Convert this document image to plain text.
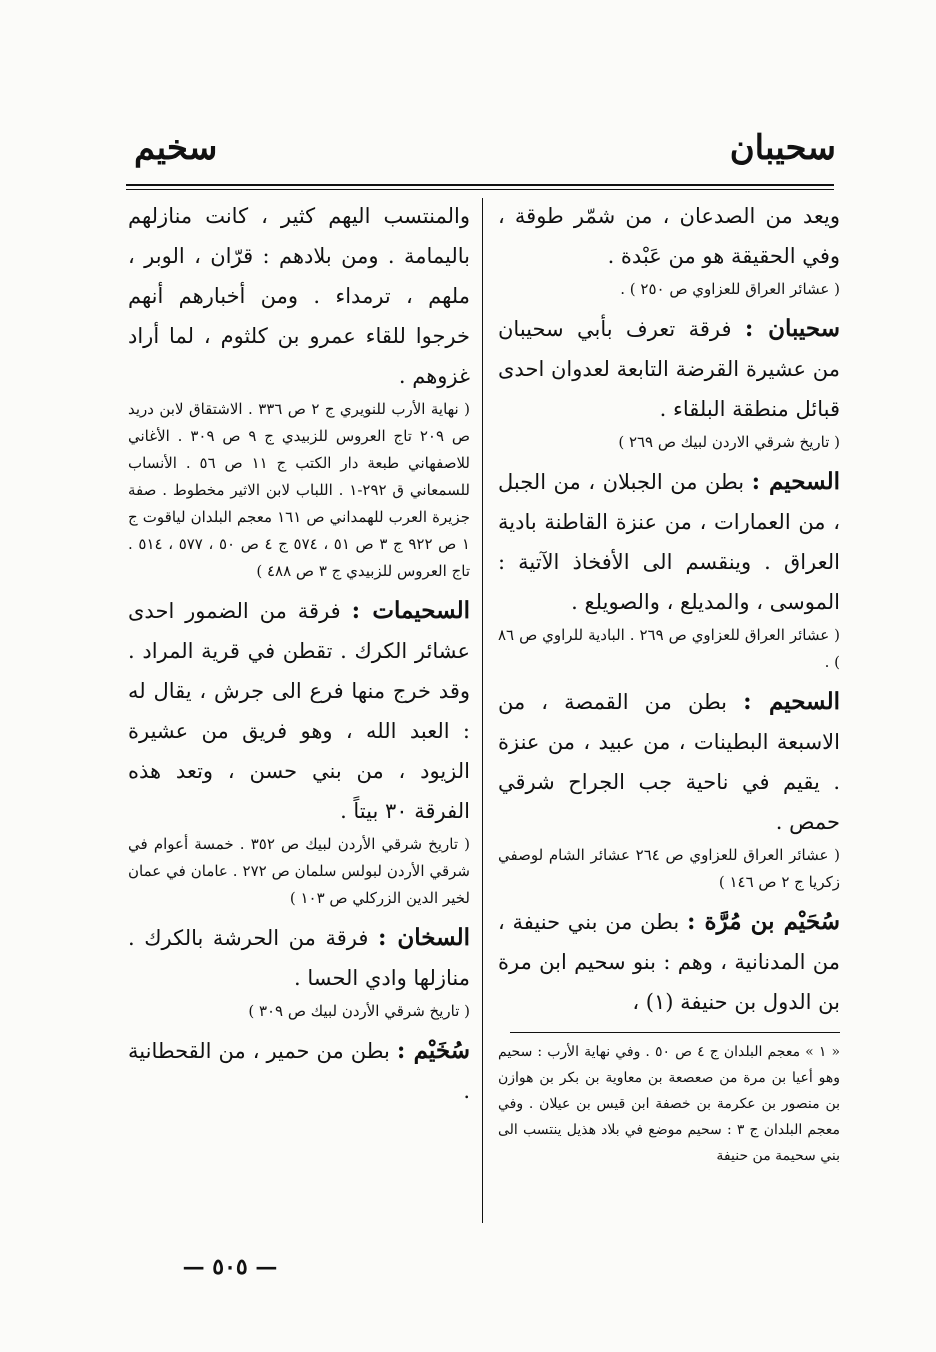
سحيبان
سخيم

ويعد من الصدعان ، من شمّر طوقة ، وفي الحقيقة هو من عَبْدة .

( عشائر العراق للعزاوي ص ٢٥٠ ) .

سحيبان : فرقة تعرف بأبي سحيبان من عشيرة القرضة التابعة لعدوان احدى قبائل منطقة البلقاء .

( تاريخ شرقي الاردن لبيك ص ٢٦٩ )

السحيم : بطن من الجبلان ، من الجبل ، من العمارات ، من عنزة القاطنة بادية العراق . وينقسم الى الأفخاذ الآتية : الموسى ، والمديلع ، والصويلع .

( عشائر العراق للعزاوي ص ٢٦٩ . البادية للراوي ص ٨٦ ) .

السحيم : بطن من القمصة ، من الاسبعة البطينات ، من عبيد ، من عنزة . يقيم في ناحية جب الجراح شرقي حمص .

( عشائر العراق للعزاوي ص ٢٦٤ عشائر الشام لوصفي زكريا ج ٢ ص ١٤٦ )

سُحَيْم بن مُرَّة : بطن من بني حنيفة ، من المدنانية ، وهم : بنو سحيم ابن مرة بن الدول بن حنيفة (١) ،

« ١ » معجم البلدان ج ٤ ص ٥٠ . وفي نهاية الأرب : سحيم وهو أعيا بن مرة من صعصعة بن معاوية بن بكر بن هوازن بن منصور بن عكرمة بن خصفة ابن قيس بن عيلان . وفي معجم البلدان ج ٣ : سحيم موضع في بلاد هذيل ينتسب الى بني سحيمة من حنيفة

والمنتسب اليهم كثير ، كانت منازلهم باليمامة . ومن بلادهم : قرّان ، الوبر ، ملهم ، ترمداء . ومن أخبارهم أنهم خرجوا للقاء عمرو بن كلثوم ، لما أراد غزوهم .

( نهاية الأرب للنويري ج ٢ ص ٣٣٦ . الاشتقاق لابن دريد ص ٢٠٩ تاج العروس للزبيدي ج ٩ ص ٣٠٩ . الأغاني للاصفهاني طبعة دار الكتب ج ١١ ص ٥٦ . الأنساب للسمعاني ق ٢٩٢-١ . اللباب لابن الاثير مخطوط . صفة جزيرة العرب للهمداني ص ١٦١ معجم البلدان لياقوت ج ١ ص ٩٢٢ ج ٣ ص ٥١ ، ٥٧٤ ج ٤ ص ٥٠ ، ٥٧٧ ، ٥١٤ . تاج العروس للزبيدي ج ٣ ص ٤٨٨ )

السحيمات : فرقة من الضمور احدى عشائر الكرك . تقطن في قرية المراد . وقد خرج منها فرع الى جرش ، يقال له : العبد الله ، وهو فريق من عشيرة الزيود ، من بني حسن ، وتعد هذه الفرقة ٣٠ بيتاً .

( تاريخ شرقي الأردن لبيك ص ٣٥٢ . خمسة أعوام في شرقي الأردن لبولس سلمان ص ٢٧٢ . عامان في عمان لخير الدين الزركلي ص ١٠٣ )

السخان : فرقة من الحرشة بالكرك . منازلها وادي الحسا .

( تاريخ شرقي الأردن لبيك ص ٣٠٩ )

سُخَيْم : بطن من حمير ، من القحطانية .

— ٥٠٥ —
